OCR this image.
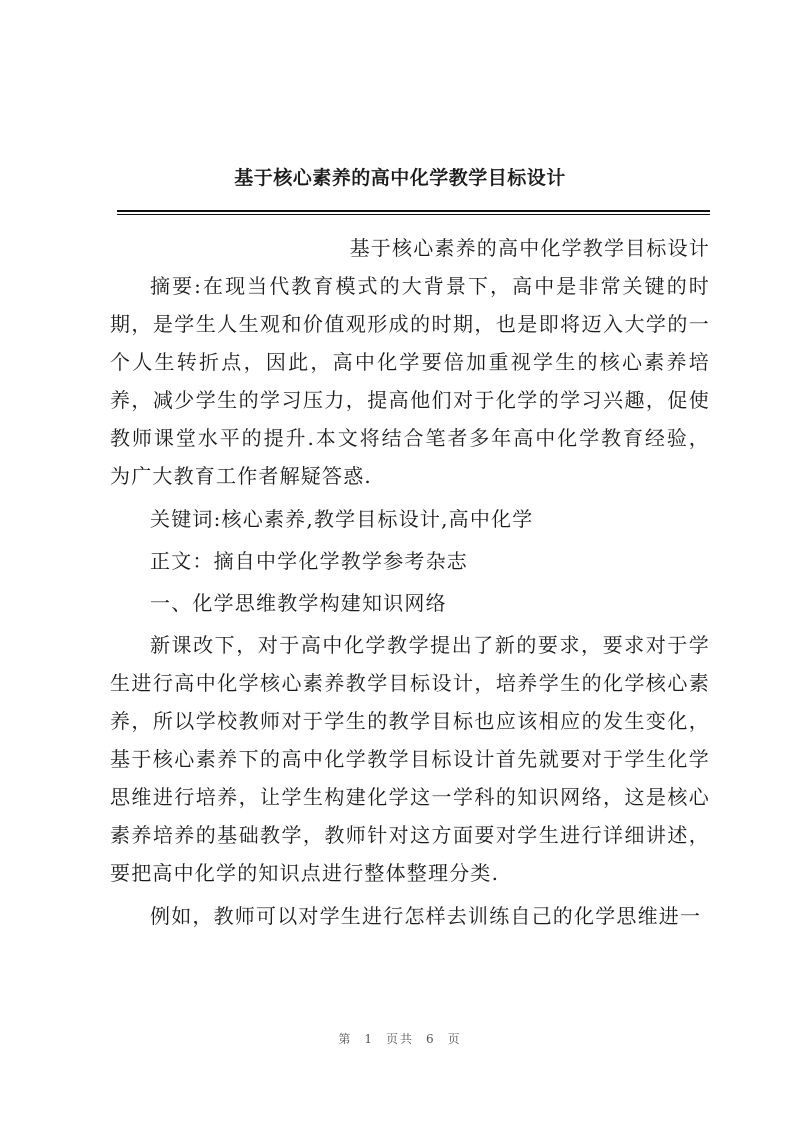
基于核心素养的高中化学教学目标设计

基于核心素养的高中化学教学目标设计

摘要:在现当代教育模式的大背景下，高中是非常关键的时期，是学生人生观和价值观形成的时期，也是即将迈入大学的一个人生转折点，因此，高中化学要倍加重视学生的核心素养培养，减少学生的学习压力，提高他们对于化学的学习兴趣，促使教师课堂水平的提升.本文将结合笔者多年高中化学教育经验，为广大教育工作者解疑答惑.

关键词:核心素养,教学目标设计,高中化学

正文：摘自中学化学教学参考杂志

一、化学思维教学构建知识网络

新课改下，对于高中化学教学提出了新的要求，要求对于学生进行高中化学核心素养教学目标设计，培养学生的化学核心素养，所以学校教师对于学生的教学目标也应该相应的发生变化，基于核心素养下的高中化学教学目标设计首先就要对于学生化学思维进行培养，让学生构建化学这一学科的知识网络，这是核心素养培养的基础教学，教师针对这方面要对学生进行详细讲述，要把高中化学的知识点进行整体整理分类.

例如，教师可以对学生进行怎样去训练自己的化学思维进一

第 1 页共 6 页
